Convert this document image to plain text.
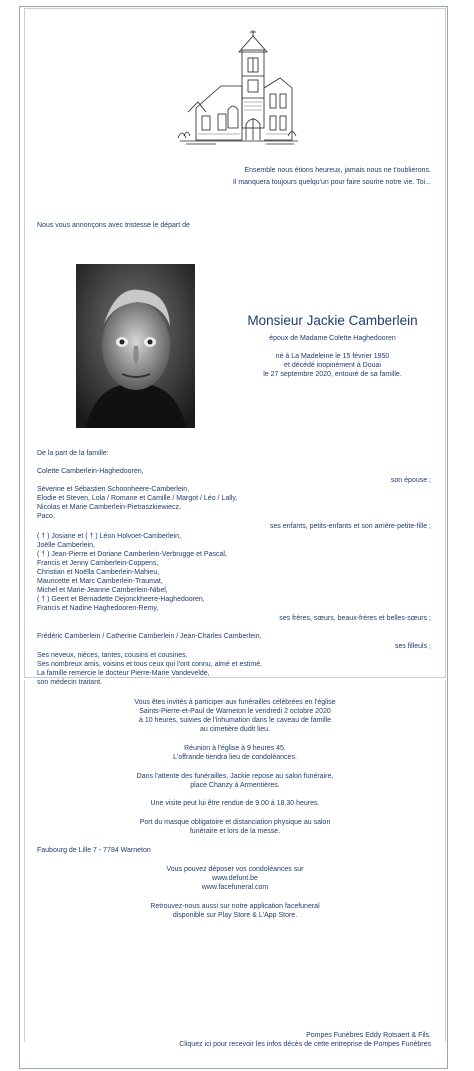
Ensemble nous étions heureux, jamais nous ne t'oublierons.
Il manquera toujours quelqu'un pour faire sourire notre vie. Toi...
Nous vous annonçons avec tristesse le départ de
Monsieur Jackie Camberlein
époux de Madame Colette Haghedooren
né à La Madeleine le 15 février 1950
et décédé inopinément à Douai
le 27 septembre 2020, entouré de sa famille.
De la part de la famille:
Colette Camberlein-Haghedooren,
son épouse ;
Séverine et Sébastien Schoonheere-Camberlein,
Elodie et Steven, Lola / Romane et Camille / Margot / Léo / Lally,
Nicolas et Marie Camberlein-Pietraszkiewiecz,
Paco,
ses enfants, petits-enfants et son arrière-petite-fille ;
( † ) Josiane et ( † ) Léon Holvoet-Camberlein,
Joëlle Camberlein,
( † ) Jean-Pierre et Doriane Camberlein-Verbrugge et Pascal,
Francis et Jenny Camberlein-Coppens,
Christian et Noëlla Camberlein-Mahieu,
Mauricette et Marc Camberlein-Traumat,
Michel et Marie-Jeanne Camberlein-Nibel,
( † ) Geert et Bernadette Dejonckheere-Haghedooren,
Francis et Nadine Haghedooren-Remy,
ses frères, sœurs, beaux-frères et belles-sœurs ;
Frédéric Camberlein / Catherine Camberlein / Jean-Charles Camberlein,
ses filleuls ;
Ses neveux, nièces, tantes, cousins et cousines,
Ses nombreux amis, voisins et tous ceux qui l'ont connu, aimé et estimé.
La famille remercie le docteur Pierre-Marie Vandevelde,
son médecin traitant.
Vous êtes invités à participer aux funérailles célébrées en l'église
Saints-Pierre-et-Paul de Warneton le vendredi 2 octobre 2020
à 10 heures, suivies de l'inhumation dans le caveau de famille
au cimetière dudit lieu.
Réunion à l'église à 9 heures 45.
L'offrande tiendra lieu de condoléances.
Dans l'attente des funérailles, Jackie repose au salon funéraire,
place Chanzy à Armentières.
Une visite peut lui être rendue de 9.00 à 18.30 heures.
Port du masque obligatoire et distanciation physique au salon
funéraire et lors de la messe.
Faubourg de Lille 7 - 7784 Warneton
Vous pouvez déposer vos condoléances sur
www.defunt.be
www.facefuneral.com
Retrouvez-nous aussi sur notre application facefuneral
disponible sur Play Store & L'App Store.
Pompes Funèbres Eddy Rotsaert & Fils.
Cliquez ici pour recevoir les infos décès de cette entreprise de Pompes Funèbres
